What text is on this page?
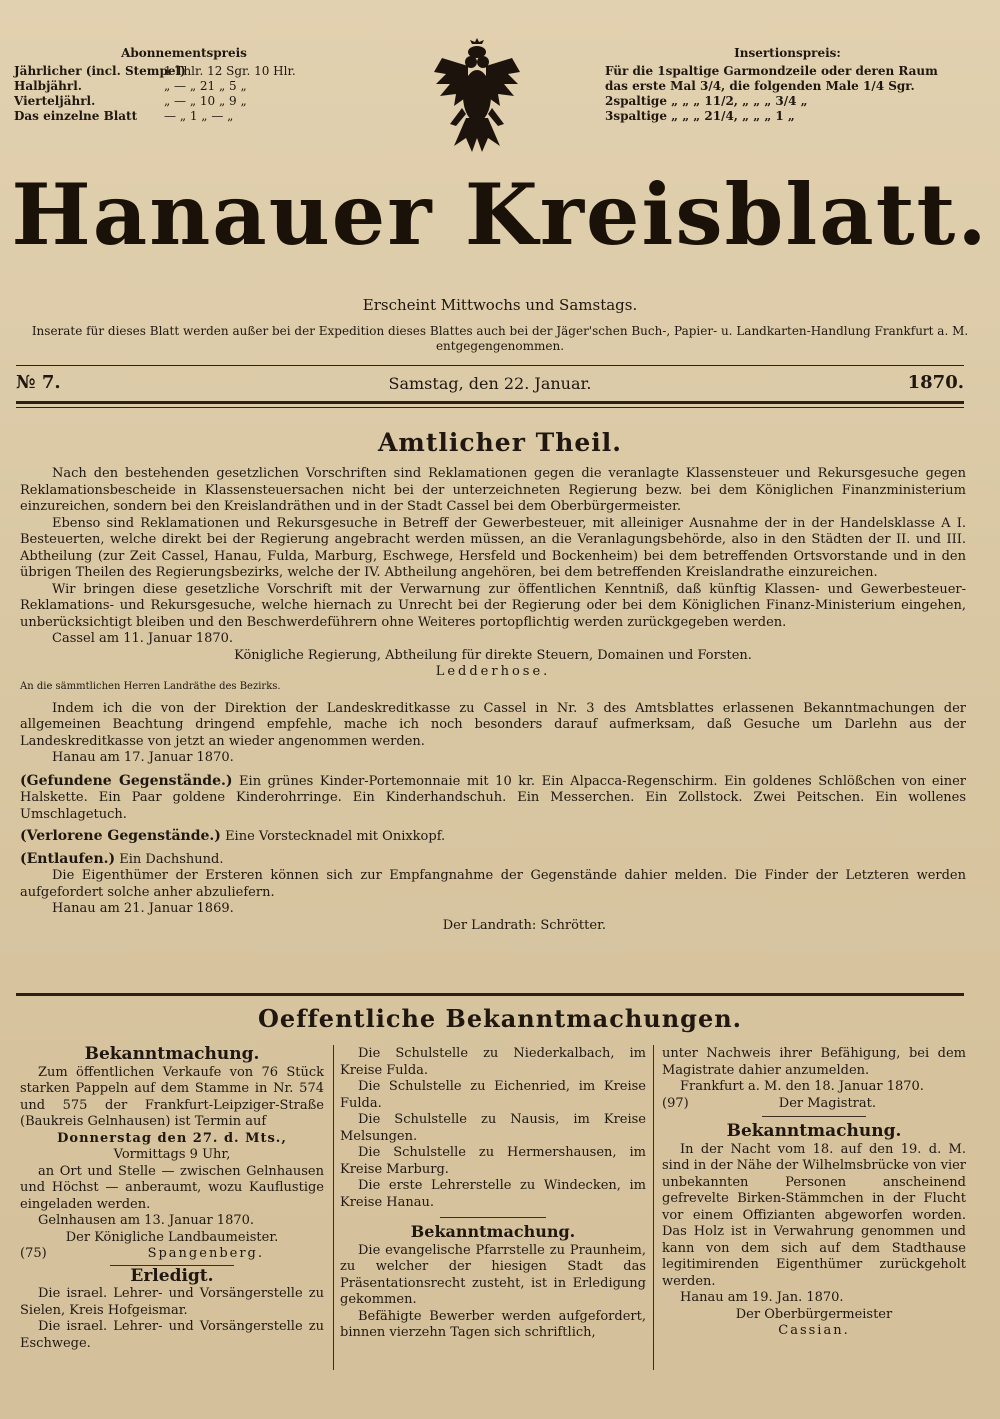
Abonnementspreis
Jährlicher (incl. Stempel)
1 Thlr. 12 Sgr. 10 Hlr.
Halbjährl.	„ — „ 21 „ 5 „
Vierteljährl.	„ — „ 10 „ 9 „
Das einzelne Blatt	— „ 1 „ — „
Insertionspreis:
Für die 1spaltige Garmondzeile oder deren Raum
das erste Mal 3/4, die folgenden Male 1/4 Sgr.
2spaltige „ „ „ 11/2, „ „ „ 3/4 „
3spaltige „ „ „ 21/4, „ „ „ 1 „
Hanauer Kreisblatt.
Erscheint Mittwochs und Samstags.
Inserate für dieses Blatt werden außer bei der Expedition dieses Blattes auch bei der Jäger'schen Buch-, Papier- u. Landkarten-Handlung Frankfurt a. M. entgegengenommen.
№ 7.	Samstag, den 22. Januar.	1870.
Amtlicher Theil.

Nach den bestehenden gesetzlichen Vorschriften sind Reklamationen gegen die veranlagte Klassensteuer und Rekursgesuche gegen Reklamationsbescheide in Klassensteuersachen nicht bei der unterzeichneten Regierung bezw. bei dem Königlichen Finanzministerium einzureichen, sondern bei den Kreislandräthen und in der Stadt Cassel bei dem Oberbürgermeister.

Ebenso sind Reklamationen und Rekursgesuche in Betreff der Gewerbesteuer, mit alleiniger Ausnahme der in der Handelsklasse A I. Besteuerten, welche direkt bei der Regierung angebracht werden müssen, an die Veranlagungsbehörde, also in den Städten der II. und III. Abtheilung (zur Zeit Cassel, Hanau, Fulda, Marburg, Eschwege, Hersfeld und Bockenheim) bei dem betreffenden Ortsvorstande und in den übrigen Theilen des Regierungsbezirks, welche der IV. Abtheilung angehören, bei dem betreffenden Kreislandrathe einzureichen.

Wir bringen diese gesetzliche Vorschrift mit der Verwarnung zur öffentlichen Kenntniß, daß künftig Klassen- und Gewerbesteuer-Reklamations- und Rekursgesuche, welche hiernach zu Unrecht bei der Regierung oder bei dem Königlichen Finanz-Ministerium eingehen, unberücksichtigt bleiben und den Beschwerdeführern ohne Weiteres portopflichtig werden zurückgegeben werden.

Cassel am 11. Januar 1870.

Königliche Regierung, Abtheilung für direkte Steuern, Domainen und Forsten.

Ledderhose.

An die sämmtlichen Herren Landräthe des Bezirks.

Indem ich die von der Direktion der Landeskreditkasse zu Cassel in Nr. 3 des Amtsblattes erlassenen Bekanntmachungen der allgemeinen Beachtung dringend empfehle, mache ich noch besonders darauf aufmerksam, daß Gesuche um Darlehn aus der Landeskreditkasse von jetzt an wieder angenommen werden.

Hanau am 17. Januar 1870.

(Gefundene Gegenstände.) Ein grünes Kinder-Portemonnaie mit 10 kr. Ein Alpacca-Regenschirm. Ein goldenes Schlößchen von einer Halskette. Ein Paar goldene Kinderohrringe. Ein Kinderhandschuh. Ein Messerchen. Ein Zollstock. Zwei Peitschen. Ein wollenes Umschlagetuch.

(Verlorene Gegenstände.) Eine Vorstecknadel mit Onixkopf.

(Entlaufen.) Ein Dachshund.

Die Eigenthümer der Ersteren können sich zur Empfangnahme der Gegenstände dahier melden. Die Finder der Letzteren werden aufgefordert solche anher abzuliefern.

Hanau am 21. Januar 1869.

Der Landrath: Schrötter.

Oeffentliche Bekanntmachungen.
Bekanntmachung.

Zum öffentlichen Verkaufe von 76 Stück starken Pappeln auf dem Stamme in Nr. 574 und 575 der Frankfurt-Leipziger-Straße (Baukreis Gelnhausen) ist Termin auf

Donnerstag den 27. d. Mts.,

Vormittags 9 Uhr,

an Ort und Stelle — zwischen Gelnhausen und Höchst — anberaumt, wozu Kauflustige eingeladen werden.

Gelnhausen am 13. Januar 1870.

Der Königliche Landbaumeister.

(75)	Spangenberg.

Erledigt.

Die israel. Lehrer- und Vorsängerstelle zu Sielen, Kreis Hofgeismar.

Die israel. Lehrer- und Vorsängerstelle zu Eschwege.

Die Schulstelle zu Niederkalbach, im Kreise Fulda.

Die Schulstelle zu Eichenried, im Kreise Fulda.

Die Schulstelle zu Nausis, im Kreise Melsungen.

Die Schulstelle zu Hermershausen, im Kreise Marburg.

Die erste Lehrerstelle zu Windecken, im Kreise Hanau.

Bekanntmachung.

Die evangelische Pfarrstelle zu Praunheim, zu welcher der hiesigen Stadt das Präsentationsrecht zusteht, ist in Erledigung gekommen.

Befähigte Bewerber werden aufgefordert, binnen vierzehn Tagen sich schriftlich,

unter Nachweis ihrer Befähigung, bei dem Magistrate dahier anzumelden.

Frankfurt a. M. den 18. Januar 1870.

(97)	Der Magistrat.

Bekanntmachung.

In der Nacht vom 18. auf den 19. d. M. sind in der Nähe der Wilhelmsbrücke von vier unbekannten Personen anscheinend gefrevelte Birken-Stämmchen in der Flucht vor einem Offizianten abgeworfen worden. Das Holz ist in Verwahrung genommen und kann von dem sich auf dem Stadthause legitimirenden Eigenthümer zurückgeholt werden.

Hanau am 19. Jan. 1870.

Der Oberbürgermeister

Cassian.
